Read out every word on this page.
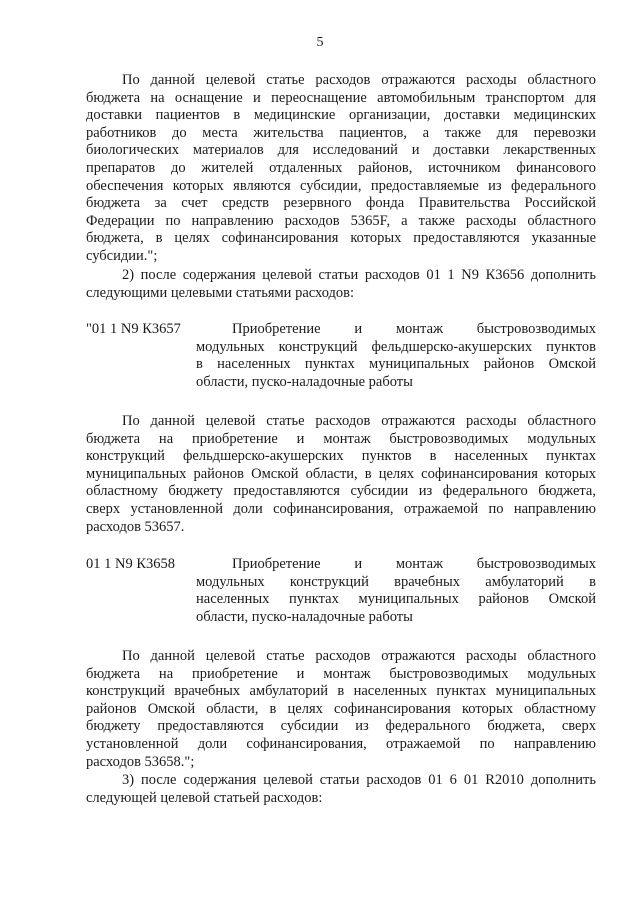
5
По данной целевой статье расходов отражаются расходы областного
бюджета на оснащение и переоснащение автомобильным транспортом для
доставки пациентов в медицинские организации, доставки медицинских
работников до места жительства пациентов, а также для перевозки
биологических материалов для исследований и доставки лекарственных
препаратов до жителей отдаленных районов, источником финансового
обеспечения которых являются субсидии, предоставляемые из федерального
бюджета за счет средств резервного фонда Правительства Российской
Федерации по направлению расходов 5365F, а также расходы областного
бюджета, в целях софинансирования которых предоставляются указанные
субсидии.";
2) после содержания целевой статьи расходов 01 1 N9 К3656 дополнить
следующими целевыми статьями расходов:
"01 1 N9 К3657	Приобретение и монтаж быстровозводимых
модульных конструкций фельдшерско-акушерских пунктов
в населенных пунктах муниципальных районов Омской
области, пуско-наладочные работы
По данной целевой статье расходов отражаются расходы областного
бюджета на приобретение и монтаж быстровозводимых модульных
конструкций фельдшерско-акушерских пунктов в населенных пунктах
муниципальных районов Омской области, в целях софинансирования которых
областному бюджету предоставляются субсидии из федерального бюджета,
сверх установленной доли софинансирования, отражаемой по направлению
расходов 53657.
01 1 N9 К3658	Приобретение и монтаж быстровозводимых
модульных конструкций врачебных амбулаторий в
населенных пунктах муниципальных районов Омской
области, пуско-наладочные работы
По данной целевой статье расходов отражаются расходы областного
бюджета на приобретение и монтаж быстровозводимых модульных
конструкций врачебных амбулаторий в населенных пунктах муниципальных
районов Омской области, в целях софинансирования которых областному
бюджету предоставляются субсидии из федерального бюджета, сверх
установленной доли софинансирования, отражаемой по направлению
расходов 53658.";
3) после содержания целевой статьи расходов 01 6 01 R2010 дополнить
следующей целевой статьей расходов:
